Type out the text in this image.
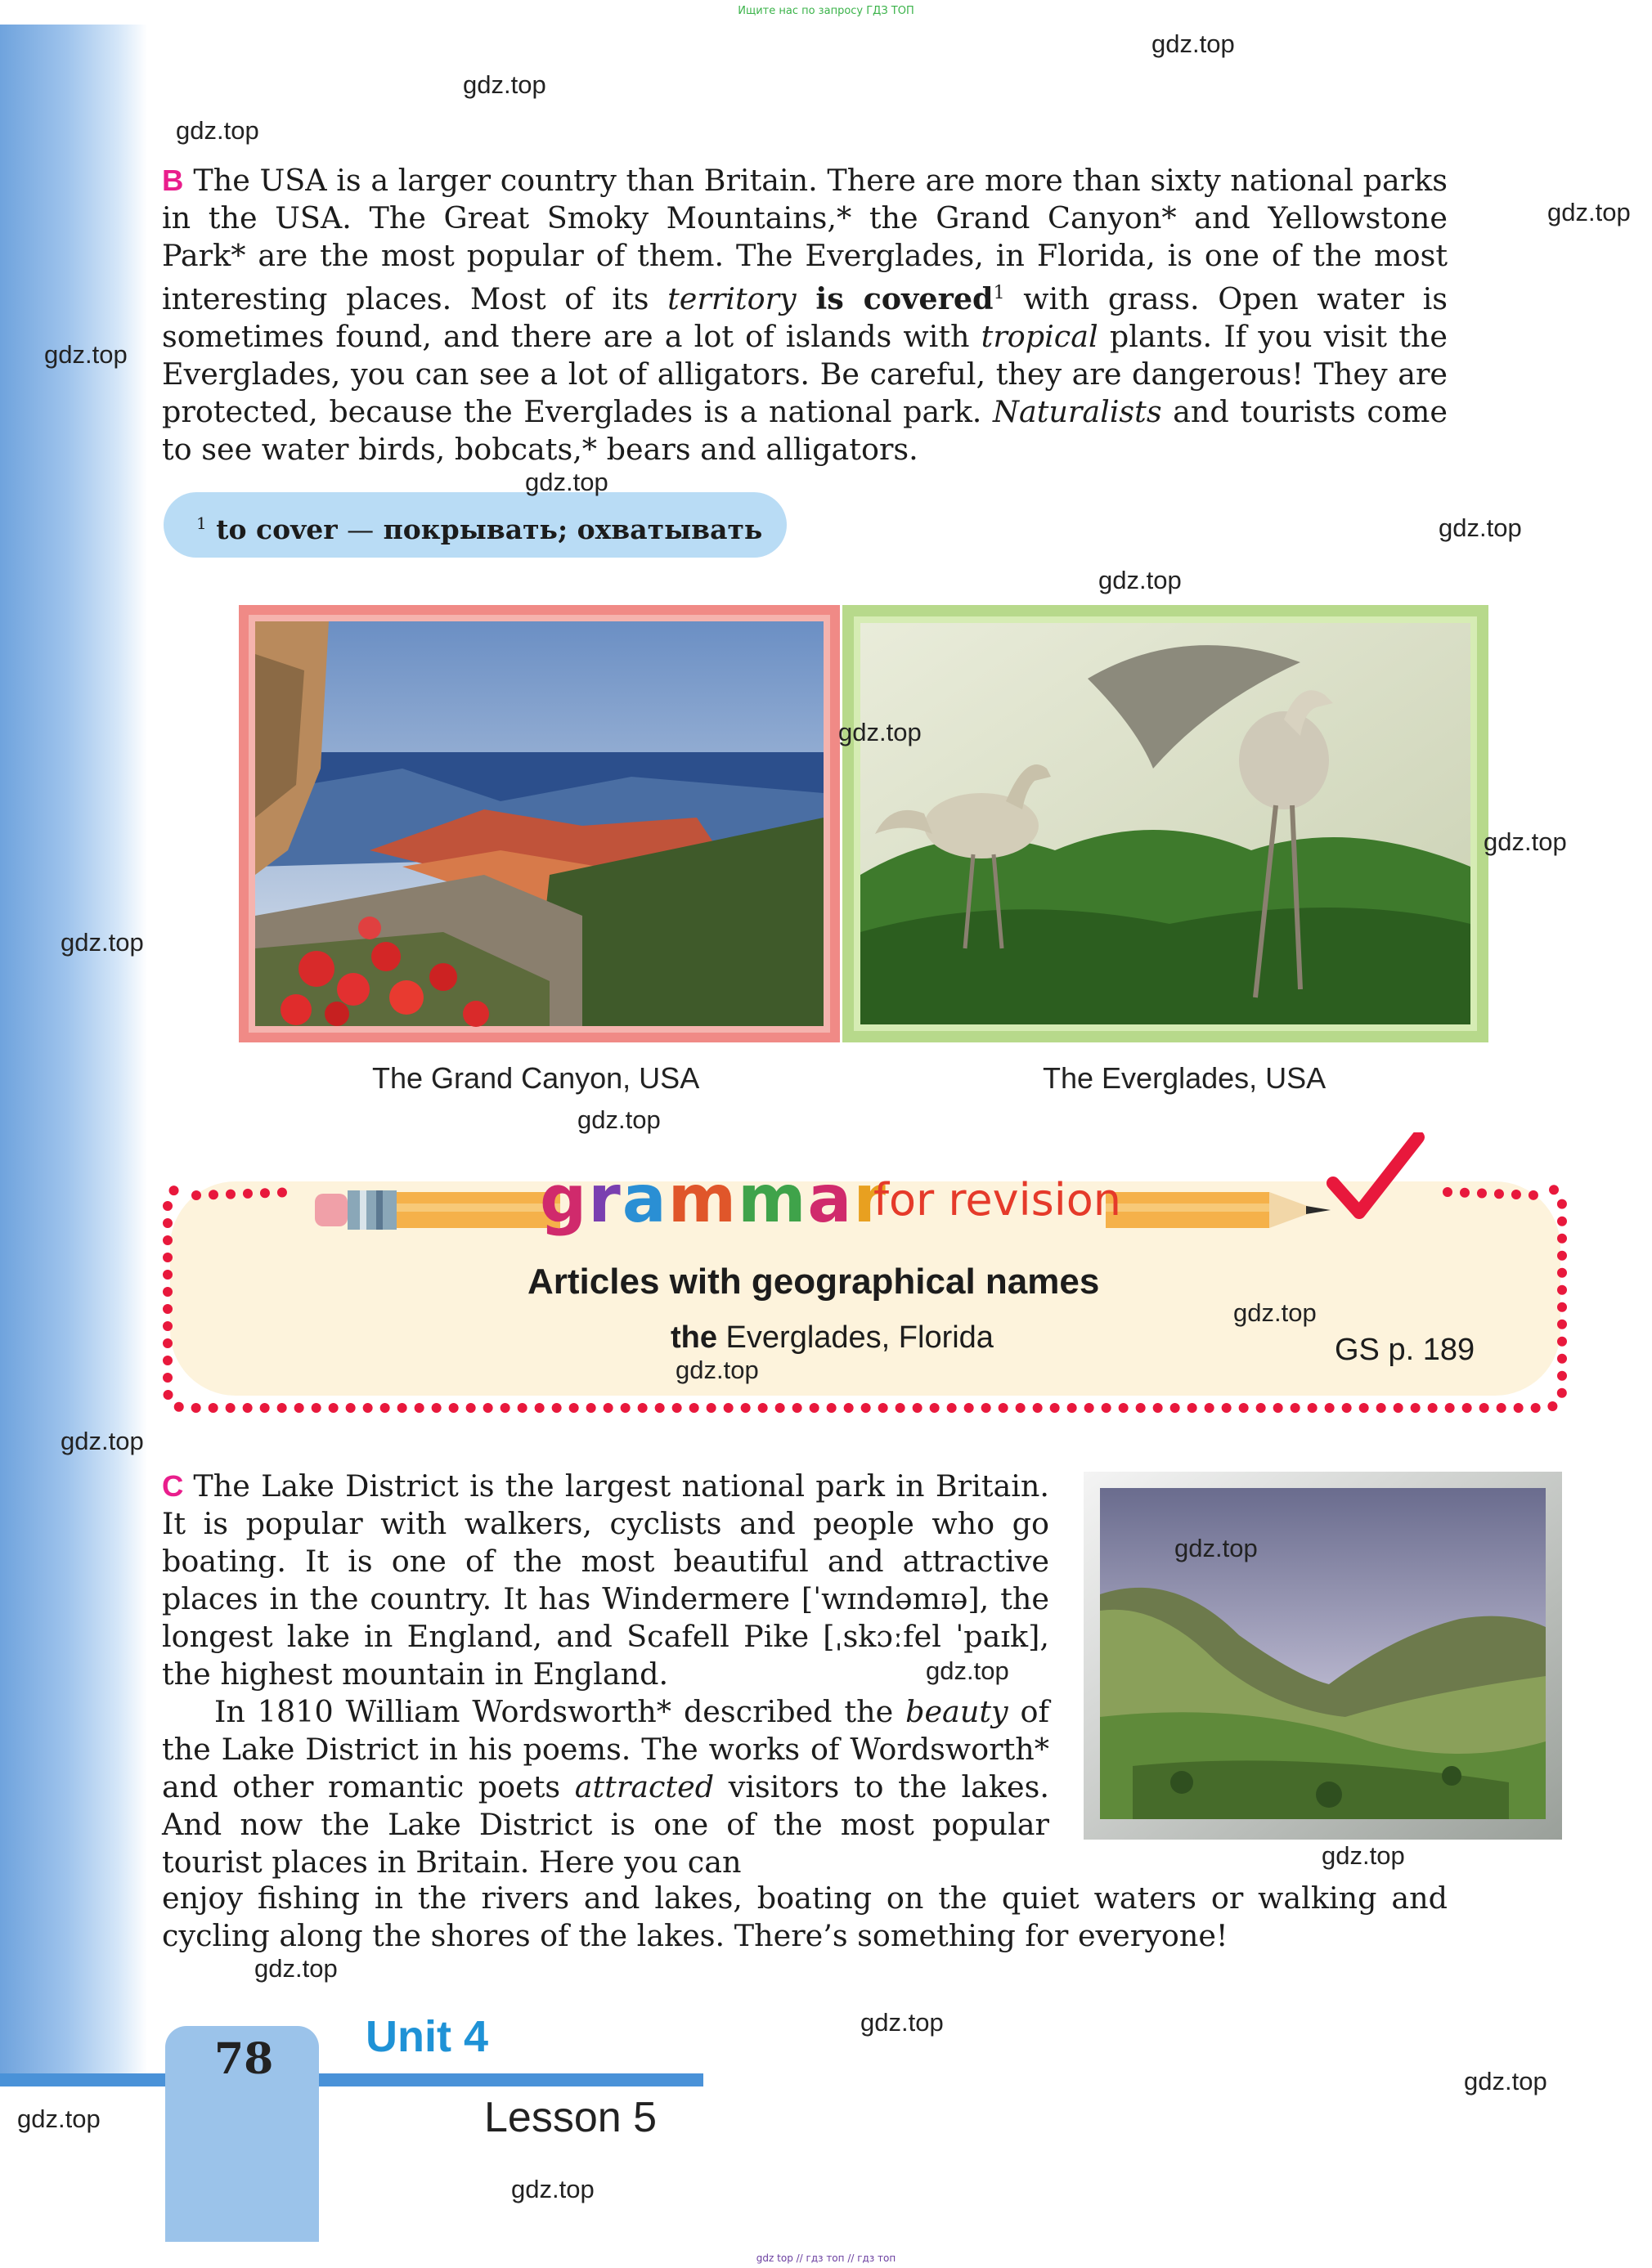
Ищите нас по запросу ГДЗ ТОП

B The USA is a larger country than Britain. There are more than sixty national parks in the USA. The Great Smoky Mountains,* the Grand Canyon* and Yellowstone Park* are the most popular of them. The Everglades, in Florida, is one of the most interesting places. Most of its territory is covered$^1$ with grass. Open water is sometimes found, and there are a lot of islands with tropical plants. If you visit the Everglades, you can see a lot of alligators. Be careful, they are dangerous! They are protected, because the Everglades is a national park. Naturalists and tourists come to see water birds, bobcats,* bears and alligators.

$^1$ to cover — покрывать; охватывать
The Grand Canyon, USA	The Everglades, USA
grammar
for revision
Articles with geographical names
the Everglades, Florida	GS p. 189

C The Lake District is the largest national park in Britain. It is popular with walkers, cyclists and people who go boating. It is one of the most beautiful and attractive places in the country. It has Windermere [ˈwɪndəmɪə], the longest lake in England, and Scafell Pike [ˌskɔːfel ˈpaɪk], the highest mountain in England.

In 1810 William Wordsworth* described the beauty of the Lake District in his poems. The works of Wordsworth* and other romantic poets attracted visitors to the lakes. And now the Lake District is one of the most popular tourist places in Britain. Here you can

enjoy fishing in the rivers and lakes, boating on the quiet waters or walking and cycling along the shores of the lakes. There’s something for everyone!
78 Unit 4
Lesson 5
gdz top // гдз топ // гдз топ
gdz.top
gdz.top
gdz.top
gdz.top
gdz.top
gdz.top
gdz.top
gdz.top
gdz.top
gdz.top
gdz.top
gdz.top
gdz.top
gdz.top
gdz.top
gdz.top
gdz.top
gdz.top
gdz.top
gdz.top
gdz.top
gdz.top
gdz.top
